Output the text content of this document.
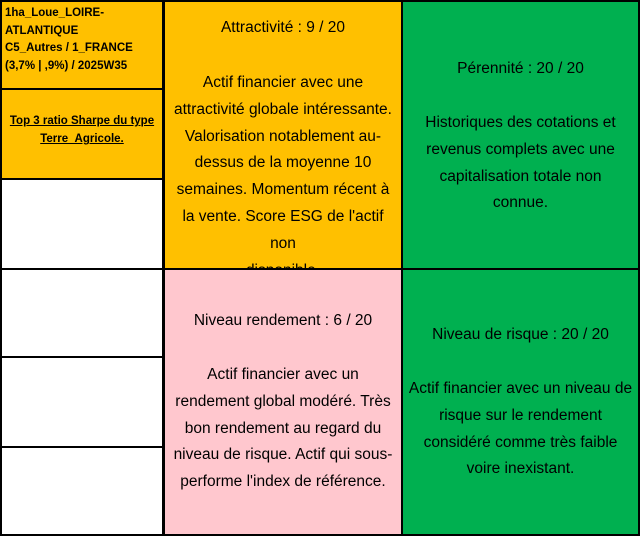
1ha_Loue_LOIRE-
ATLANTIQUE
C5_Autres / 1_FRANCE
(3,7% | ,9%) / 2025W35
Top 3 ratio Sharpe du type Terre_Agricole.
Attractivité : 9 / 20
Actif financier avec une
attractivité globale intéressante.
Valorisation notablement au-
dessus de la moyenne 10
semaines. Momentum récent à
la vente. Score ESG de l'actif non
Pérennité : 20 / 20
Historiques des cotations et
revenus complets avec une
capitalisation totale non
connue.
Niveau rendement : 6 / 20
Actif financier avec un
rendement global modéré. Très
bon rendement au regard du
niveau de risque. Actif qui sous-
performe l'index de référence.
Niveau de risque : 20 / 20
Actif financier avec un niveau de
risque sur le rendement
considéré comme très faible
voire inexistant.
